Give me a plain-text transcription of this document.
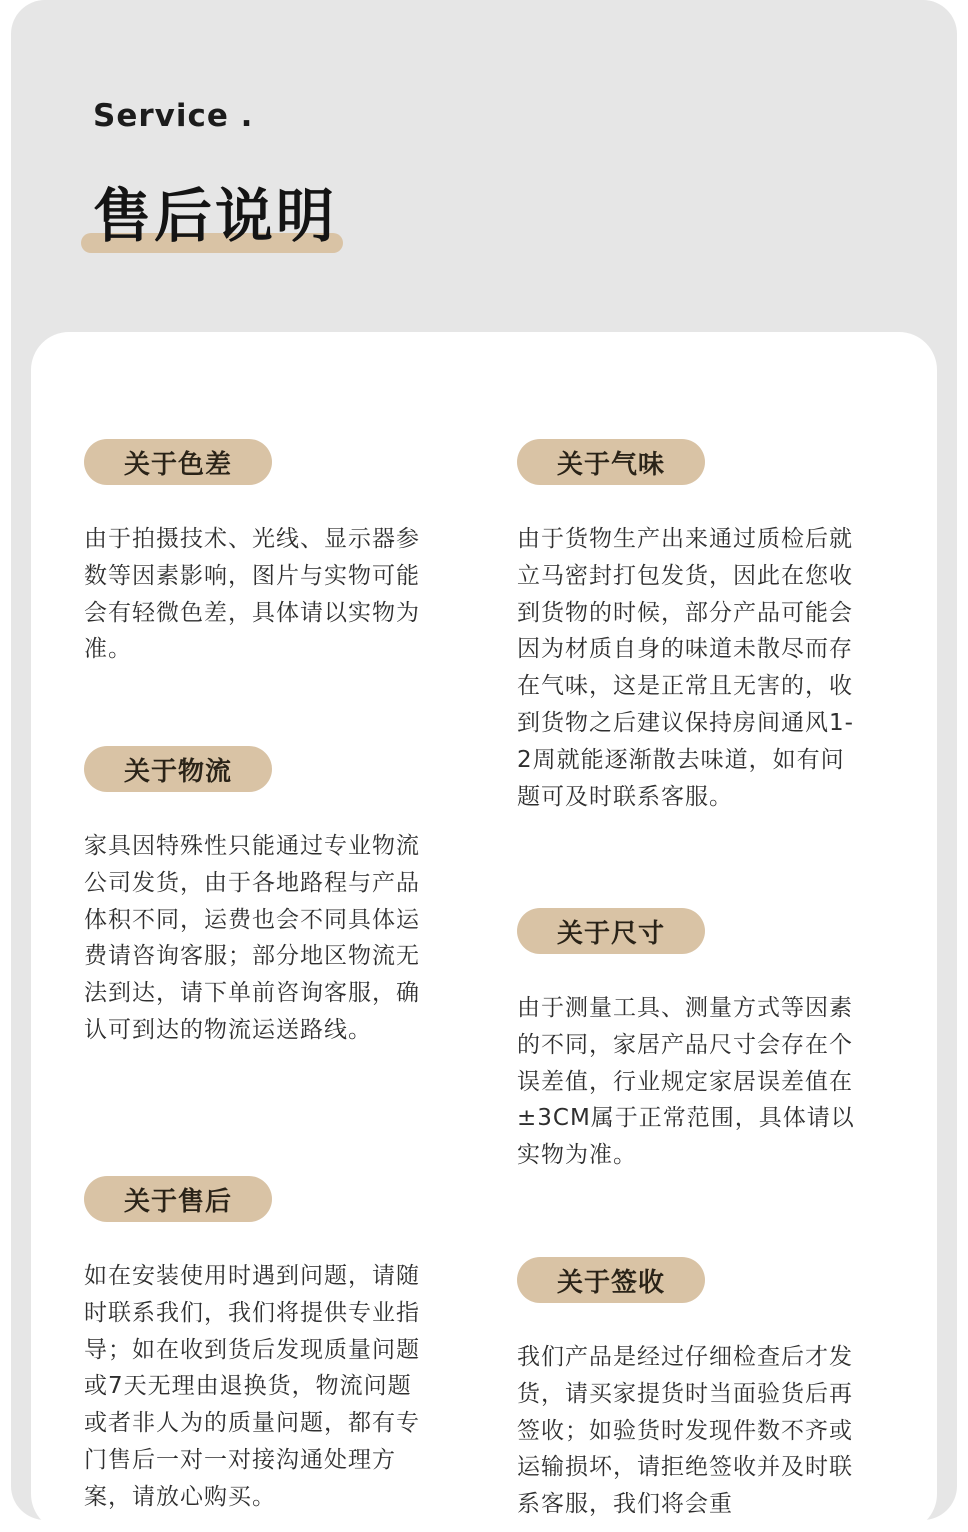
Service .
售后说明
关于色差
由于拍摄技术、光线、显示器参数等因素影响，图片与实物可能会有轻微色差，具体请以实物为准。
关于物流
家具因特殊性只能通过专业物流公司发货，由于各地路程与产品体积不同，运费也会不同具体运费请咨询客服；部分地区物流无法到达，请下单前咨询客服，确认可到达的物流运送路线。
关于售后
如在安装使用时遇到问题，请随时联系我们，我们将提供专业指导；如在收到货后发现质量问题或7天无理由退换货，物流问题或者非人为的质量问题，都有专门售后一对一对接沟通处理方案，请放心购买。
关于气味
由于货物生产出来通过质检后就立马密封打包发货，因此在您收到货物的时候，部分产品可能会因为材质自身的味道未散尽而存在气味，这是正常且无害的，收到货物之后建议保持房间通风1-2周就能逐渐散去味道，如有问题可及时联系客服。
关于尺寸
由于测量工具、测量方式等因素的不同，家居产品尺寸会存在个误差值，行业规定家居误差值在±3CM属于正常范围，具体请以实物为准。
关于签收
我们产品是经过仔细检查后才发货，请买家提货时当面验货后再签收；如验货时发现件数不齐或运输损坏，请拒绝签收并及时联系客服，我们将会重
